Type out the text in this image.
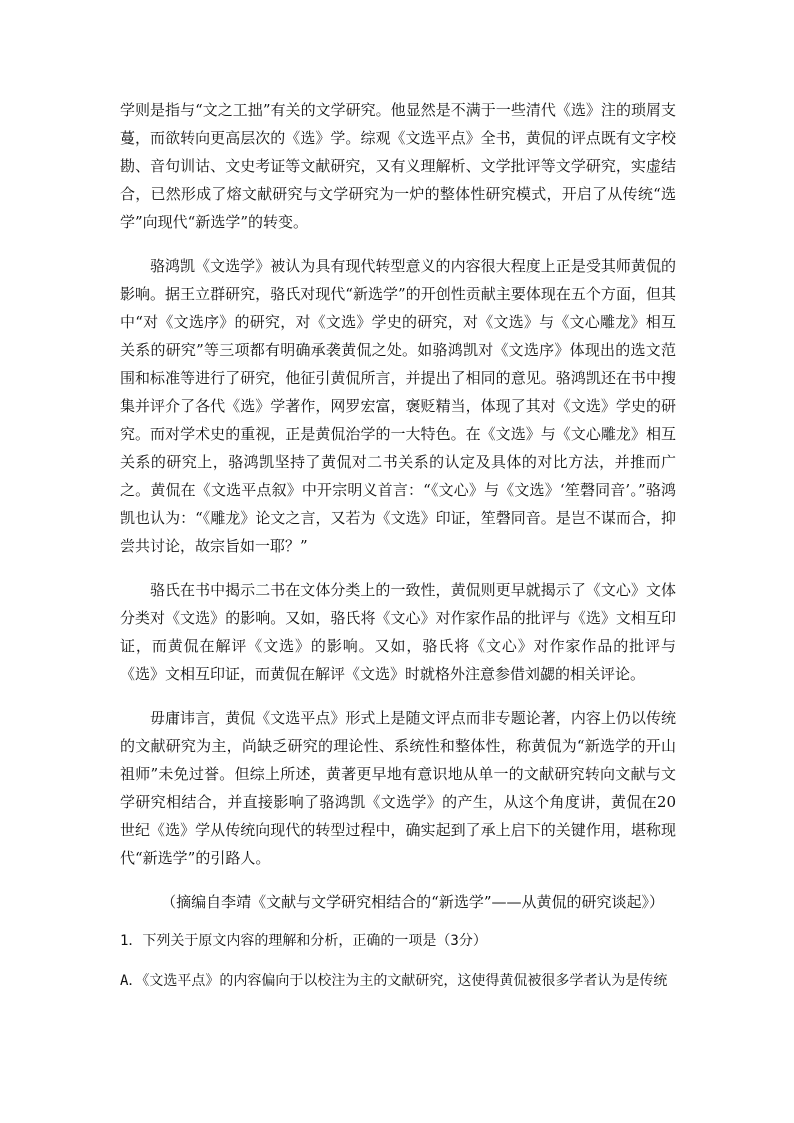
学则是指与“文之工拙”有关的文学研究。他显然是不满于一些清代《选》注的琐屑支蔓，而欲转向更高层次的《选》学。综观《文选平点》全书，黄侃的评点既有文字校勘、音句训诂、文史考证等文献研究，又有义理解析、文学批评等文学研究，实虚结合，已然形成了熔文献研究与文学研究为一炉的整体性研究模式，开启了从传统“选学”向现代“新选学”的转变。

骆鸿凯《文选学》被认为具有现代转型意义的内容很大程度上正是受其师黄侃的影响。据王立群研究，骆氏对现代“新选学”的开创性贡献主要体现在五个方面，但其中“对《文选序》的研究，对《文选》学史的研究，对《文选》与《文心雕龙》相互关系的研究”等三项都有明确承袭黄侃之处。如骆鸿凯对《文选序》体现出的选文范围和标准等进行了研究，他征引黄侃所言，并提出了相同的意见。骆鸿凯还在书中搜集并评介了各代《选》学著作，网罗宏富，褒贬精当，体现了其对《文选》学史的研究。而对学术史的重视，正是黄侃治学的一大特色。在《文选》与《文心雕龙》相互关系的研究上，骆鸿凯坚持了黄侃对二书关系的认定及具体的对比方法，并推而广之。黄侃在《文选平点叙》中开宗明义首言：“《文心》与《文选》‘笙磬同音’。”骆鸿凯也认为：“《雕龙》论文之言，又若为《文选》印证，笙磬同音。是岂不谋而合，抑尝共讨论，故宗旨如一耶？”

骆氏在书中揭示二书在文体分类上的一致性，黄侃则更早就揭示了《文心》文体分类对《文选》的影响。又如，骆氏将《文心》对作家作品的批评与《选》文相互印证，而黄侃在解评《文选》的影响。又如，骆氏将《文心》对作家作品的批评与《选》文相互印证，而黄侃在解评《文选》时就格外注意参借刘勰的相关评论。

毋庸讳言，黄侃《文选平点》形式上是随文评点而非专题论著，内容上仍以传统的文献研究为主，尚缺乏研究的理论性、系统性和整体性，称黄侃为“新选学的开山祖师”未免过誉。但综上所述，黄著更早地有意识地从单一的文献研究转向文献与文学研究相结合，并直接影响了骆鸿凯《文选学》的产生，从这个角度讲，黄侃在20世纪《选》学从传统向现代的转型过程中，确实起到了承上启下的关键作用，堪称现代“新选学”的引路人。

（摘编自李靖《文献与文学研究相结合的“新选学”——从黄侃的研究谈起》）

1．下列关于原文内容的理解和分析，正确的一项是（3分）

A．《文选平点》的内容偏向于以校注为主的文献研究，这使得黄侃被很多学者认为是传统
